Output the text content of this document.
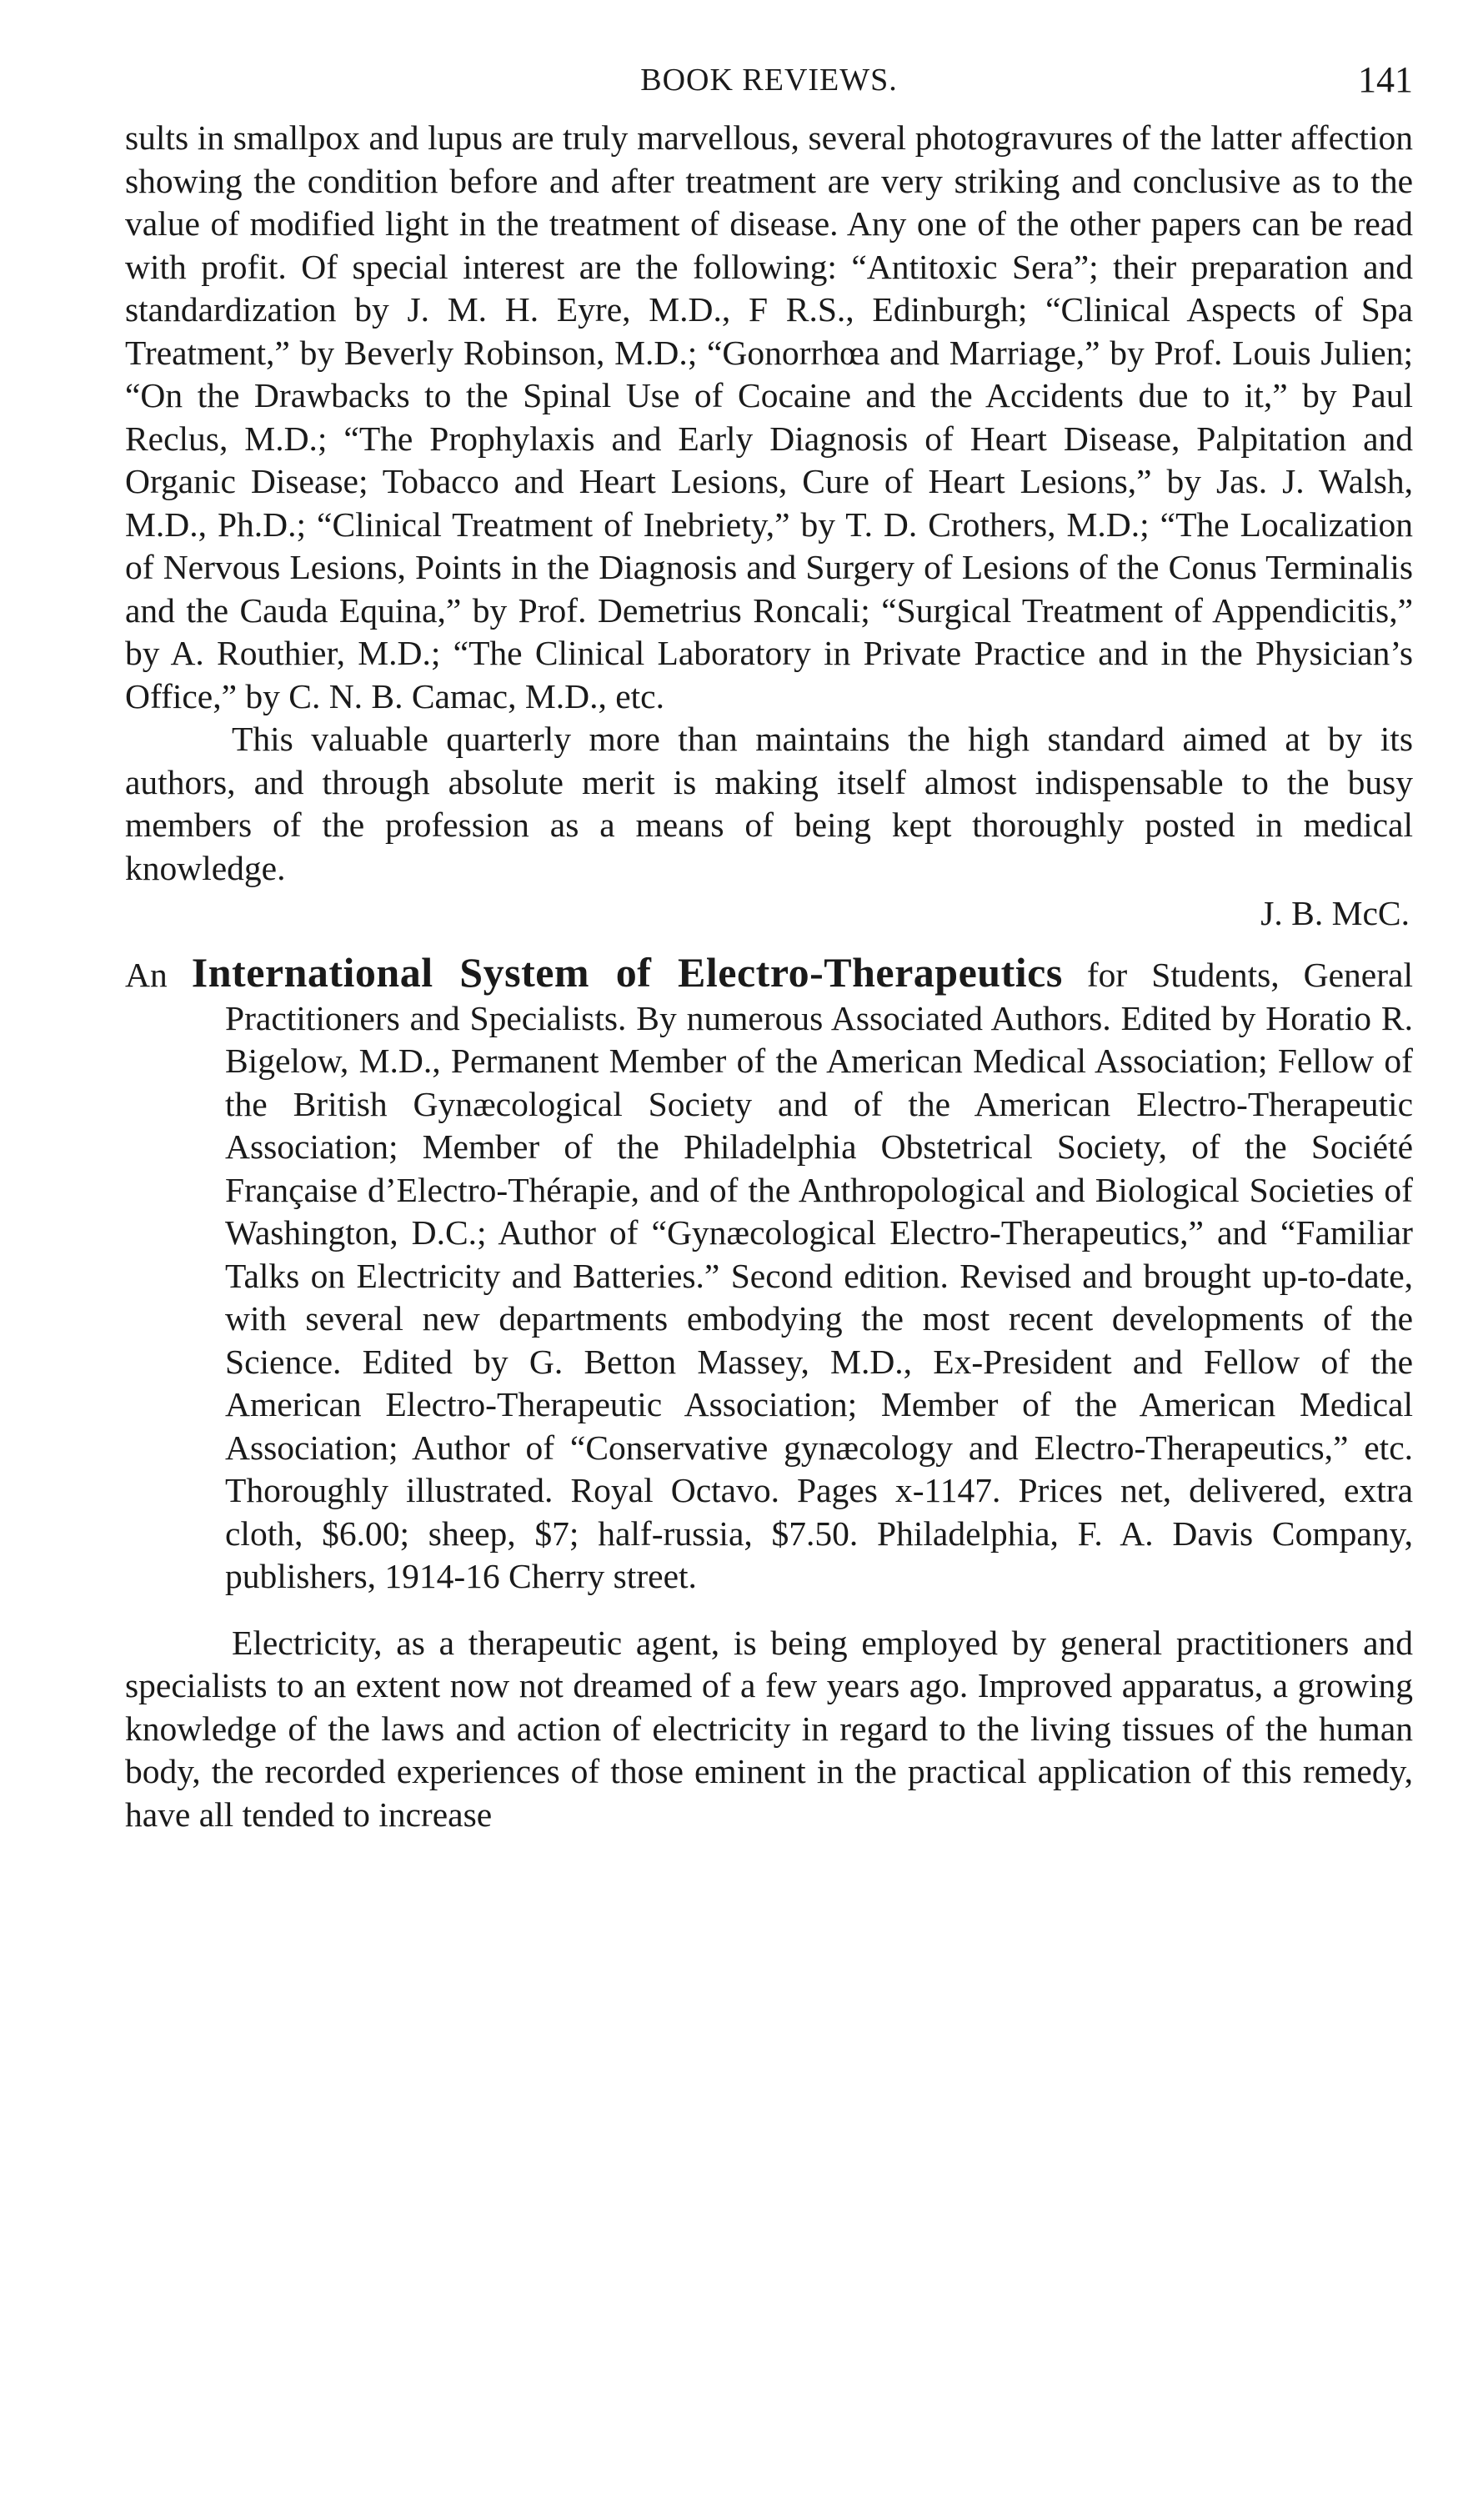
BOOK REVIEWS.	141

sults in smallpox and lupus are truly marvellous, several photogravures of the latter affection showing the condition before and after treatment are very striking and conclusive as to the value of modified light in the treatment of disease. Any one of the other papers can be read with profit. Of special interest are the following: “Antitoxic Sera”; their preparation and standardization by J. M. H. Eyre, M.D., F R.S., Edinburgh; “Clinical Aspects of Spa Treatment,” by Beverly Robinson, M.D.; “Gonorrhœa and Marriage,” by Prof. Louis Julien; “On the Drawbacks to the Spinal Use of Cocaine and the Accidents due to it,” by Paul Reclus, M.D.; “The Prophylaxis and Early Diagnosis of Heart Disease, Palpitation and Organic Disease; Tobacco and Heart Lesions, Cure of Heart Lesions,” by Jas. J. Walsh, M.D., Ph.D.; “Clinical Treatment of Inebriety,” by T. D. Crothers, M.D.; “The Localization of Nervous Lesions, Points in the Diagnosis and Surgery of Lesions of the Conus Terminalis and the Cauda Equina,” by Prof. Demetrius Roncali; “Surgical Treatment of Appendicitis,” by A. Routhier, M.D.; “The Clinical Laboratory in Private Practice and in the Physician’s Office,” by C. N. B. Camac, M.D., etc.

This valuable quarterly more than maintains the high standard aimed at by its authors, and through absolute merit is making itself almost indispensable to the busy members of the profession as a means of being kept thoroughly posted in medical knowledge.

J. B. McC.
An International System of Electro-Therapeutics for Students, General Practitioners and Specialists. By numerous Associated Authors. Edited by Horatio R. Bigelow, M.D., Permanent Member of the American Medical Association; Fellow of the British Gynæcological Society and of the American Electro-Therapeutic Association; Member of the Philadelphia Obstetrical Society, of the Société Française d’Electro-Thérapie, and of the Anthropological and Biological Societies of Washington, D.C.; Author of “Gynæcological Electro-Therapeutics,” and “Familiar Talks on Electricity and Batteries.” Second edition. Revised and brought up-to-date, with several new departments embodying the most recent developments of the Science. Edited by G. Betton Massey, M.D., Ex-President and Fellow of the American Electro-Therapeutic Association; Member of the American Medical Association; Author of “Conservative gynæcology and Electro-Therapeutics,” etc. Thoroughly illustrated. Royal Octavo. Pages x-1147. Prices net, delivered, extra cloth, $6.00; sheep, $7; half-russia, $7.50. Philadelphia, F. A. Davis Company, publishers, 1914-16 Cherry street.

Electricity, as a therapeutic agent, is being employed by general practitioners and specialists to an extent now not dreamed of a few years ago. Improved apparatus, a growing knowledge of the laws and action of electricity in regard to the living tissues of the human body, the recorded experiences of those eminent in the practical application of this remedy, have all tended to increase
